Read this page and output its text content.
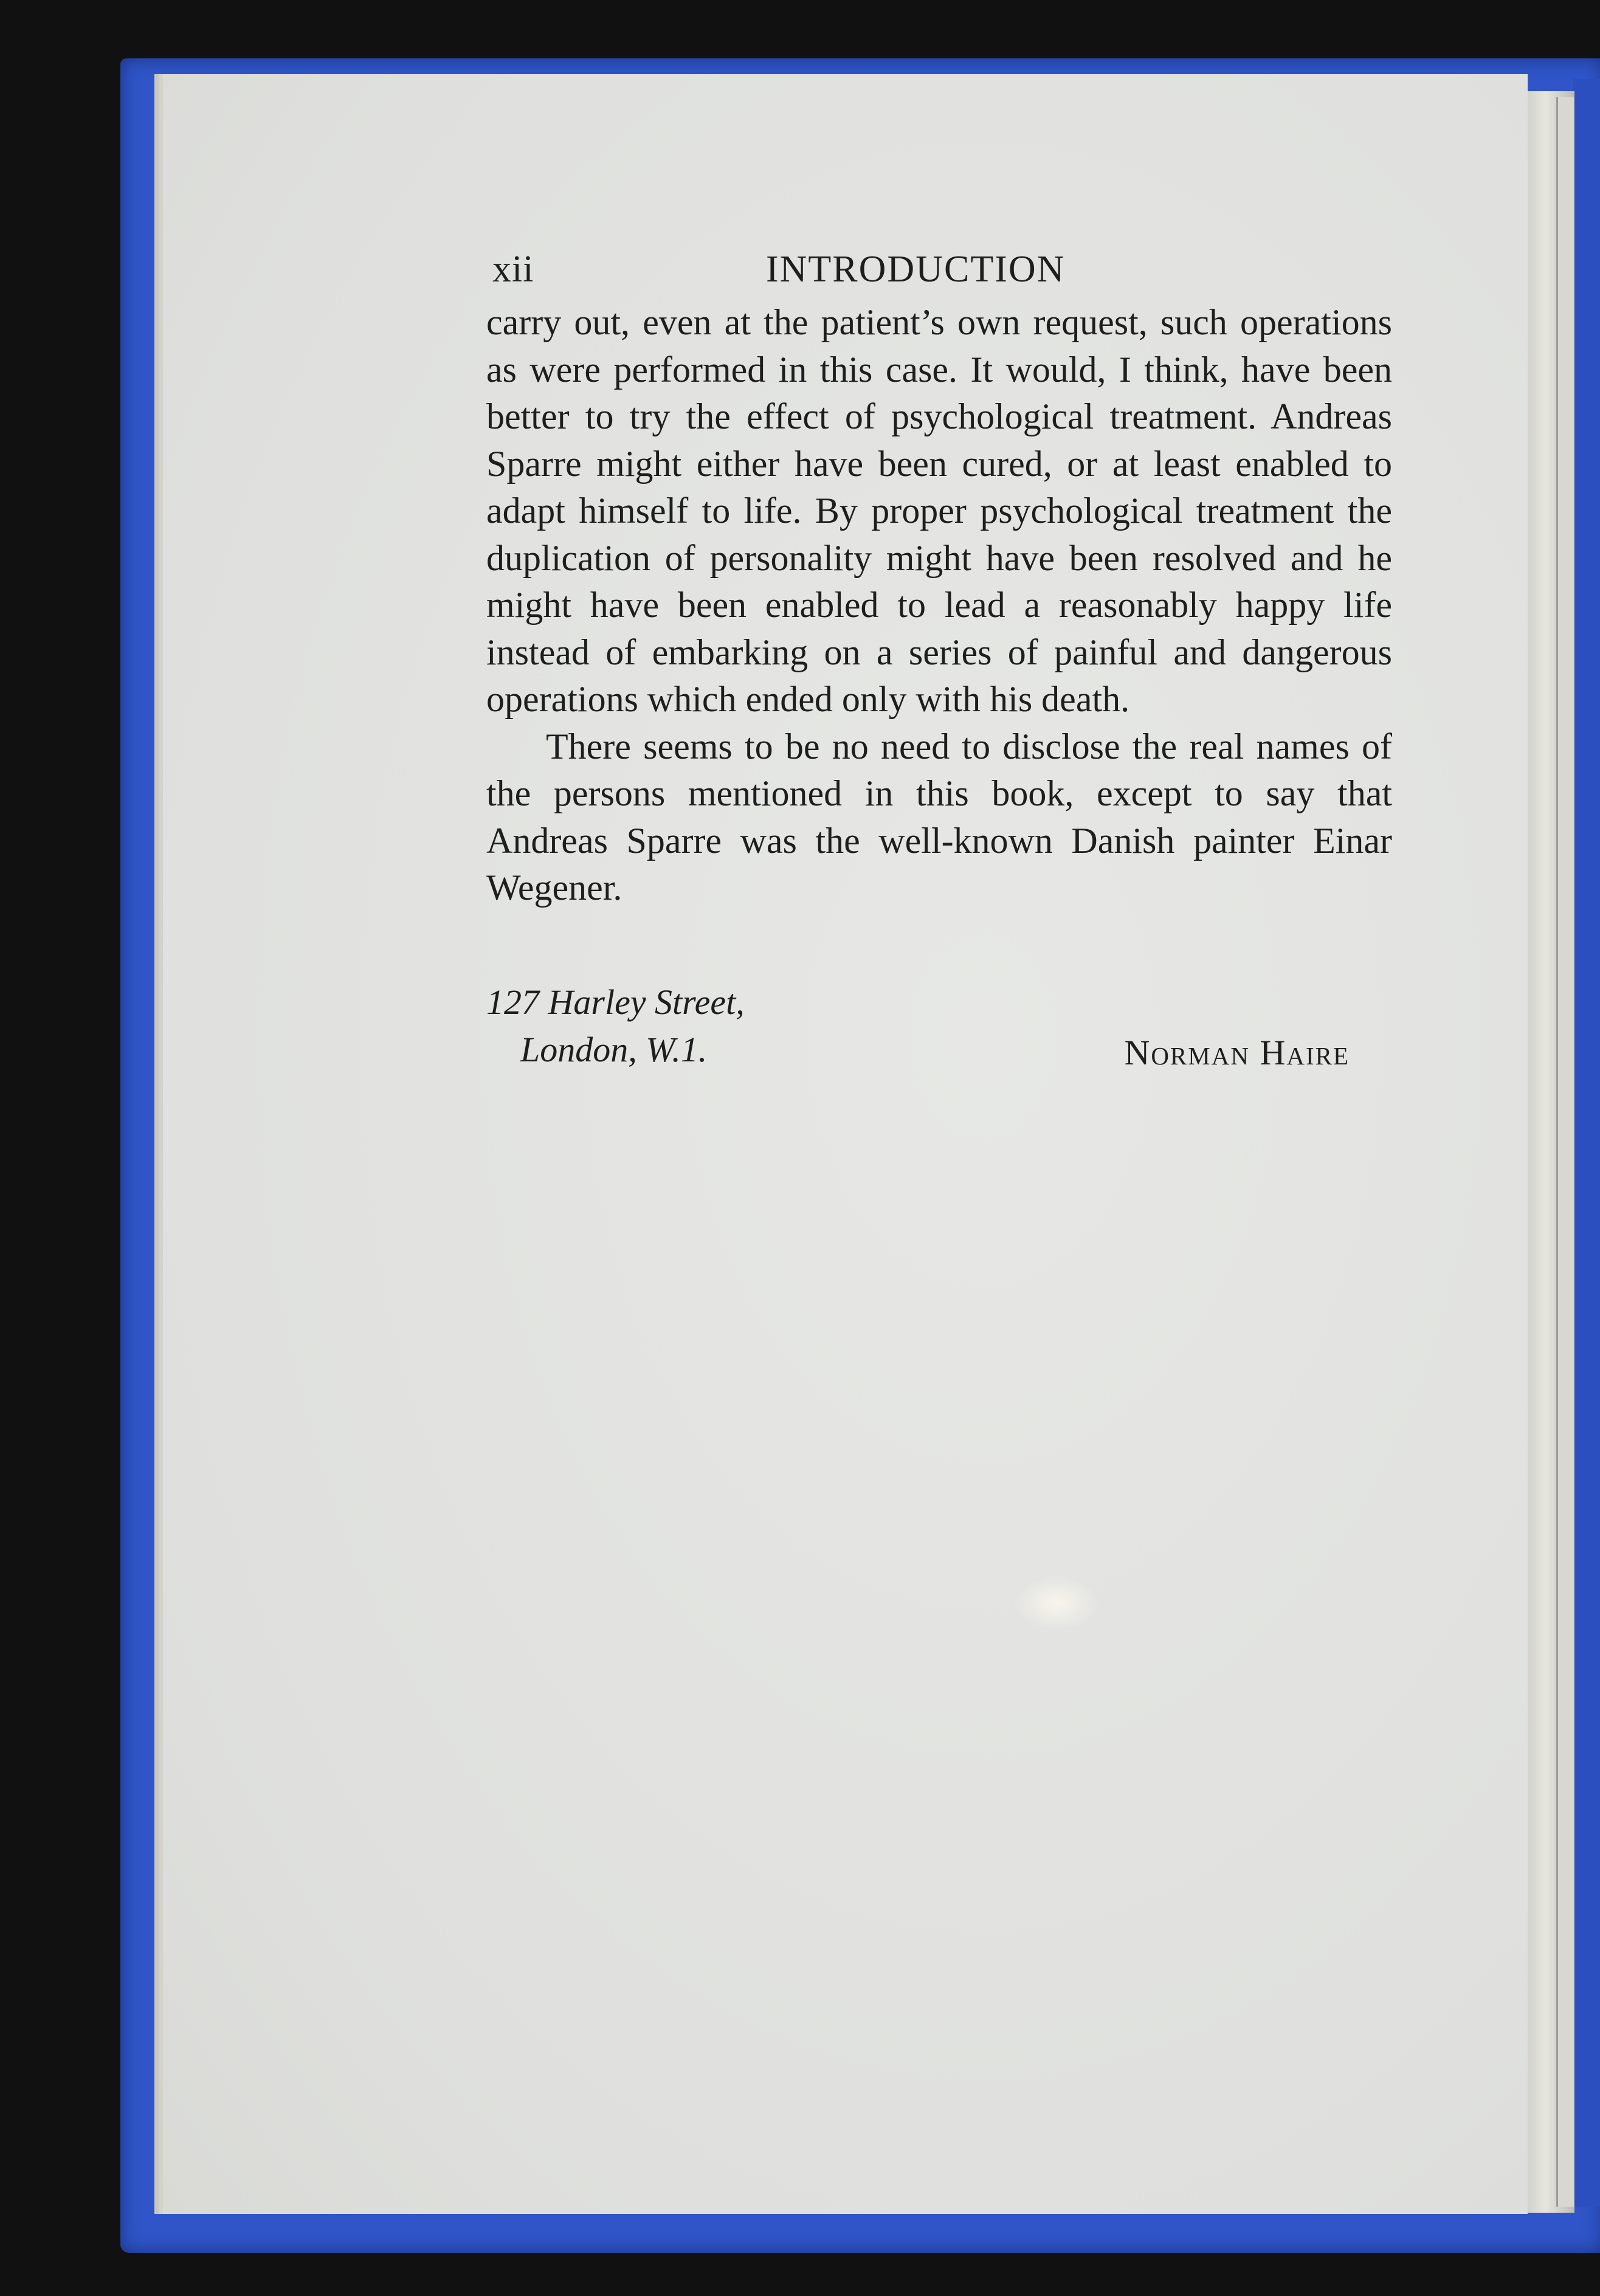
xii	INTRODUCTION

carry out, even at the patient’s own request, such operations as were performed in this case. It would, I think, have been better to try the effect of psychological treatment. Andreas Sparre might either have been cured, or at least enabled to adapt himself to life. By proper psychological treatment the duplication of personality might have been resolved and he might have been enabled to lead a reasonably happy life instead of embarking on a series of painful and dangerous operations which ended only with his death.

There seems to be no need to disclose the real names of the persons mentioned in this book, except to say that Andreas Sparre was the well-known Danish painter Einar Wegener.

127 Harley Street,
London, W.1.	Norman Haire
